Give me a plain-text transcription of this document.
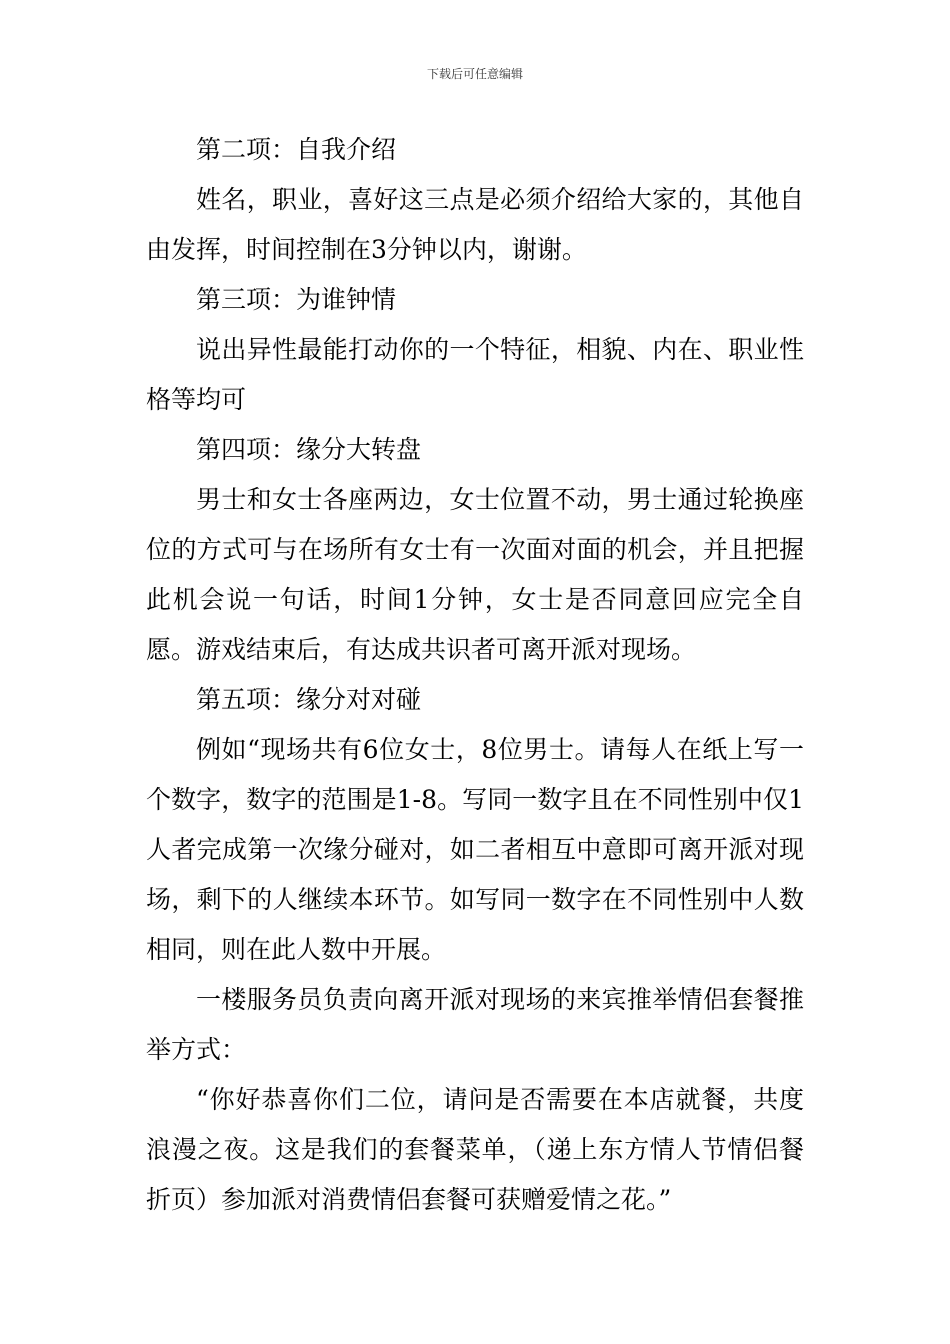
下载后可任意编辑

第二项：自我介绍

姓名，职业，喜好这三点是必须介绍给大家的，其他自由发挥，时间控制在3分钟以内，谢谢。

第三项：为谁钟情

说出异性最能打动你的一个特征，相貌、内在、职业性格等均可

第四项：缘分大转盘

男士和女士各座两边，女士位置不动，男士通过轮换座位的方式可与在场所有女士有一次面对面的机会，并且把握此机会说一句话，时间1分钟，女士是否同意回应完全自愿。游戏结束后，有达成共识者可离开派对现场。

第五项：缘分对对碰

例如“现场共有6位女士，8位男士。请每人在纸上写一个数字，数字的范围是1-8。写同一数字且在不同性别中仅1人者完成第一次缘分碰对，如二者相互中意即可离开派对现场，剩下的人继续本环节。如写同一数字在不同性别中人数相同，则在此人数中开展。

一楼服务员负责向离开派对现场的来宾推举情侣套餐推举方式：

“你好恭喜你们二位，请问是否需要在本店就餐，共度浪漫之夜。这是我们的套餐菜单，（递上东方情人节情侣餐折页）参加派对消费情侣套餐可获赠爱情之花。”
